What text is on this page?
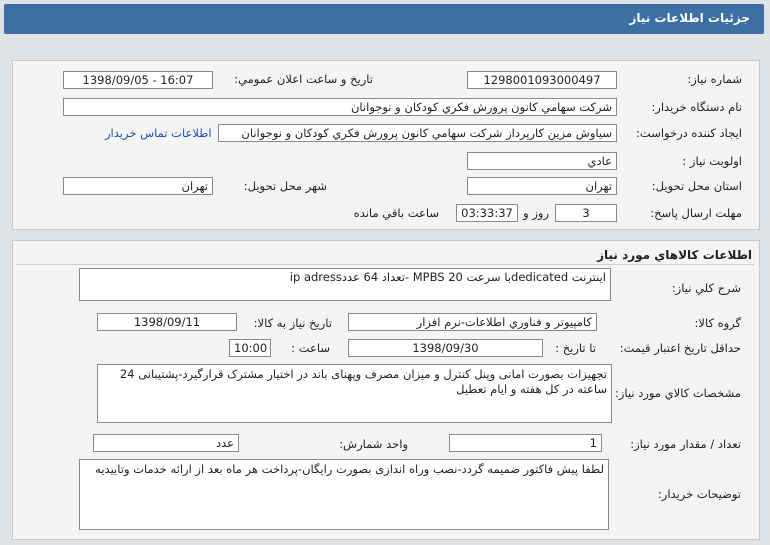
جزئيات اطلاعات نياز
شماره نياز:
1298001093000497
تاريخ و ساعت اعلان عمومي:
1398/09/05 - 16:07
نام دستگاه خريدار:
شرکت سهامي کانون پرورش فکري کودکان و نوجوانان
ايجاد کننده درخواست:
سياوش مزين کارپرداز شرکت سهامي کانون پرورش فکري کودکان و نوجوانان
اطلاعات تماس خريدار
اولويت نياز :
عادي
استان محل تحويل:
تهران
شهر محل تحويل:
تهران
مهلت ارسال پاسخ:
3
روز و
03:33:37
ساعت باقي مانده
اطلاعات کالاهاي مورد نياز
شرح کلي نياز:
اینترنت dedicatedبا سرعت 20 MPBS -تعداد 64 عددip adress
گروه کالا:
کامپيوتر و فناوري اطلاعات-نرم افزار
تاريخ نياز به کالا:
1398/09/11
حداقل تاريخ اعتبار قيمت:
تا تاريخ :
1398/09/30
ساعت :
10:00
مشخصات کالاي مورد نياز:
تجهیزات بصورت امانی وپنل کنترل و میزان مصرف وپهنای باند در اختیار مشترک قرارگیرد-پشتیبانی 24 ساعته در کل هفته و ایام تعطیل
تعداد / مقدار مورد نياز:
1
واحد شمارش:
عدد
توضيحات خريدار:
لطفا پیش فاکتور ضمیمه گردد-نصب وراه اندازی بصورت رایگان-پرداخت هر ماه بعد از ارائه خدمات وتاییدیه
